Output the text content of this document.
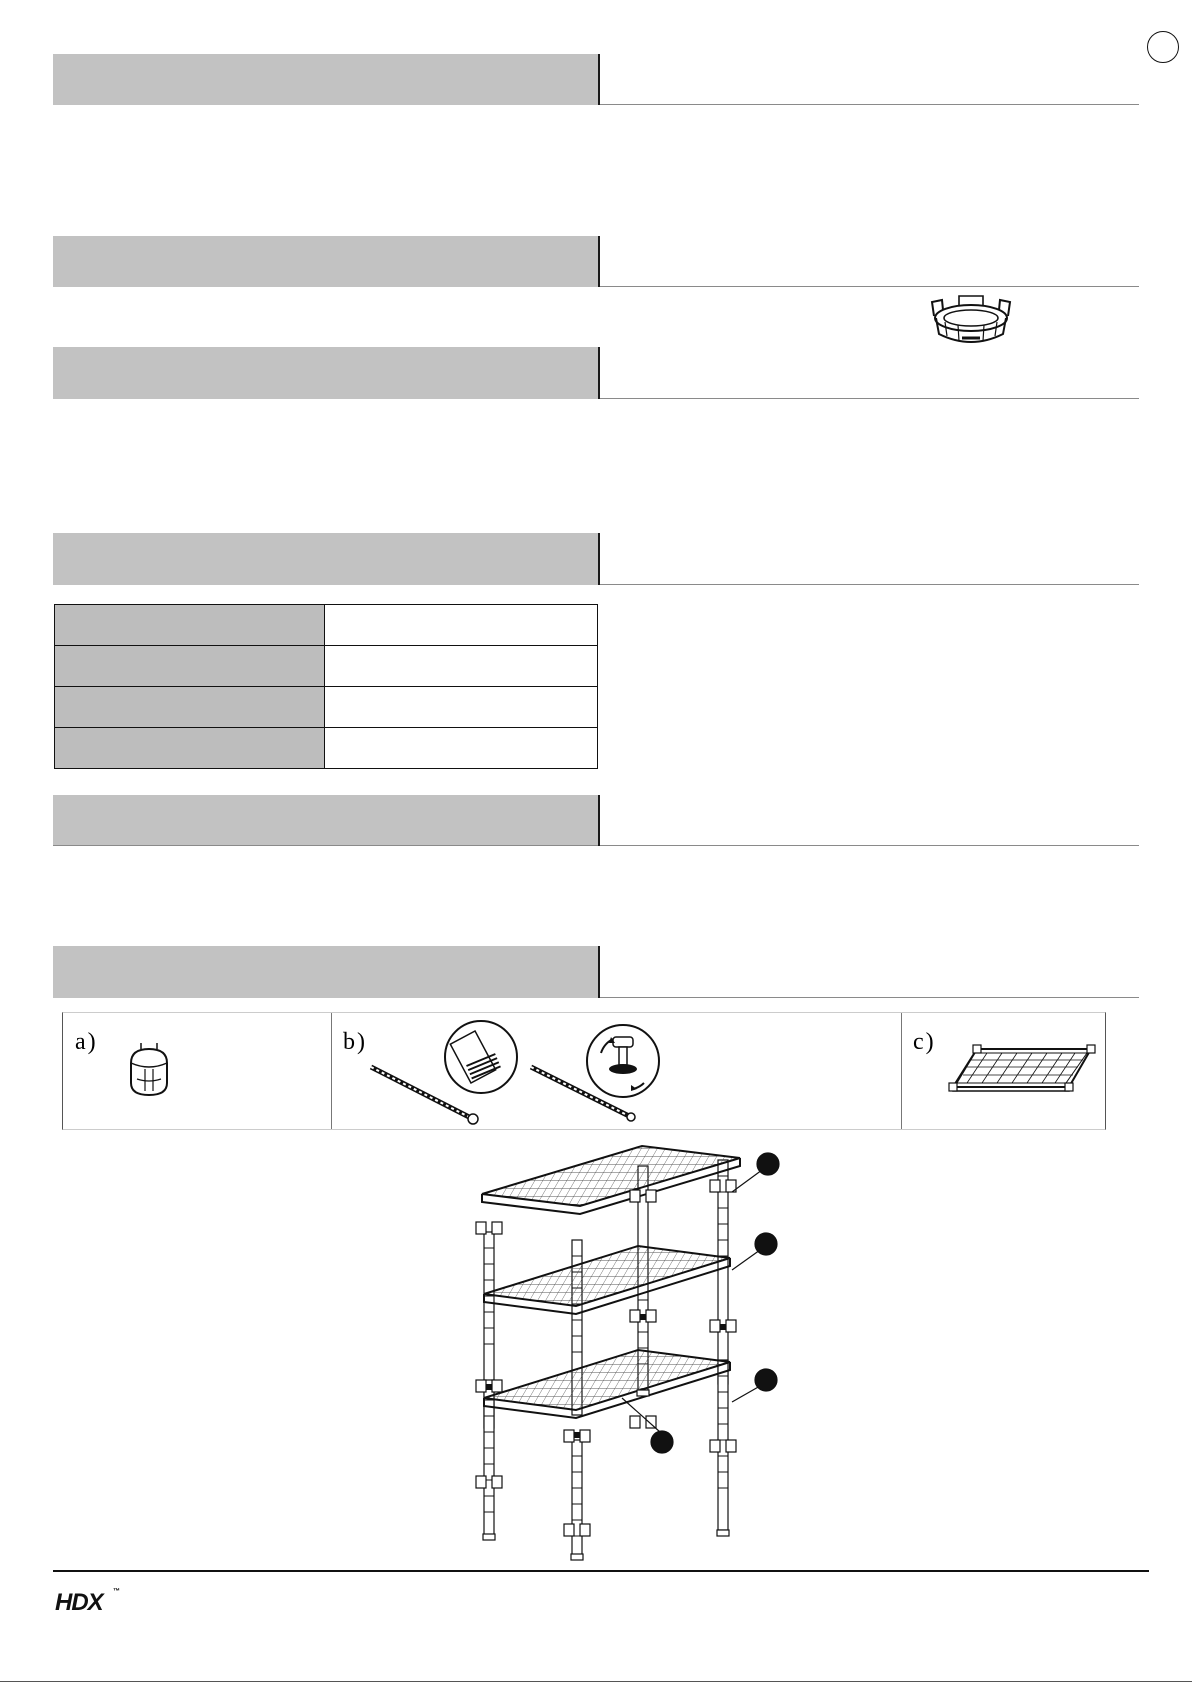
a)	b)	c)
HDX ™
